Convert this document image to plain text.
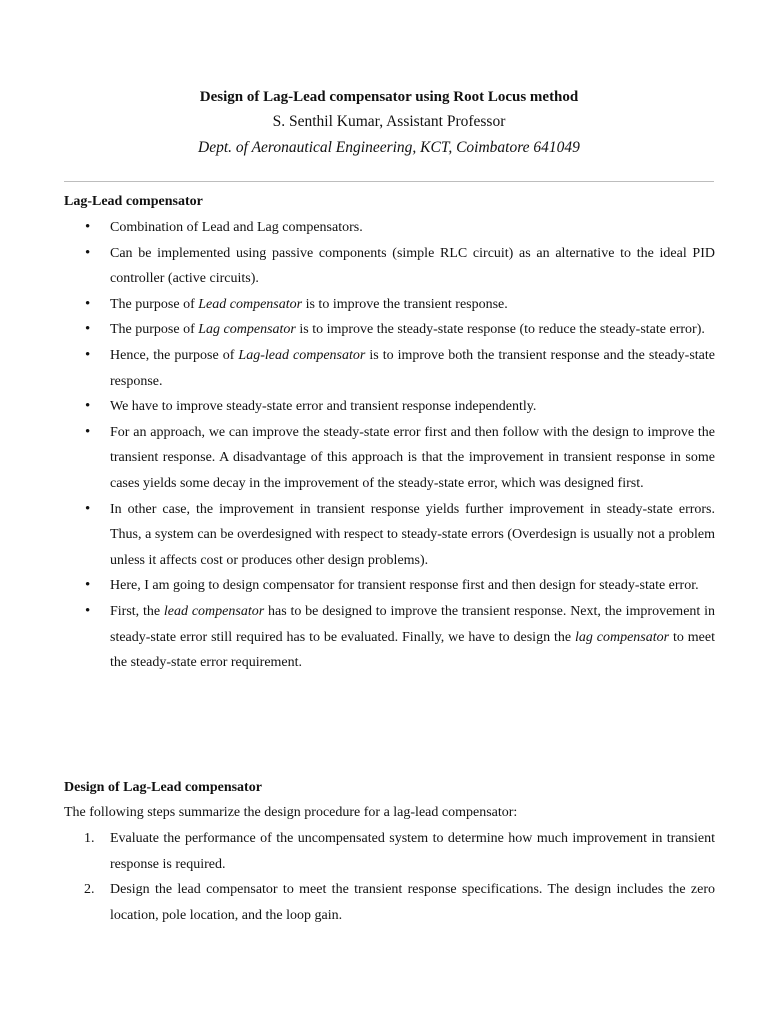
Design of Lag-Lead compensator using Root Locus method
S. Senthil Kumar, Assistant Professor
Dept. of Aeronautical Engineering, KCT, Coimbatore 641049
Lag-Lead compensator
• Combination of Lead and Lag compensators.
• Can be implemented using passive components (simple RLC circuit) as an alternative to the ideal PID controller (active circuits).
• The purpose of Lead compensator is to improve the transient response.
• The purpose of Lag compensator is to improve the steady-state response (to reduce the steady-state error).
• Hence, the purpose of Lag-lead compensator is to improve both the transient response and the steady-state response.
• We have to improve steady-state error and transient response independently.
• For an approach, we can improve the steady-state error first and then follow with the design to improve the transient response. A disadvantage of this approach is that the improvement in transient response in some cases yields some decay in the improvement of the steady-state error, which was designed first.
• In other case, the improvement in transient response yields further improvement in steady-state errors. Thus, a system can be overdesigned with respect to steady-state errors (Overdesign is usually not a problem unless it affects cost or produces other design problems).
• Here, I am going to design compensator for transient response first and then design for steady-state error.
• First, the lead compensator has to be designed to improve the transient response. Next, the improvement in steady-state error still required has to be evaluated. Finally, we have to design the lag compensator to meet the steady-state error requirement.
Design of Lag-Lead compensator
The following steps summarize the design procedure for a lag-lead compensator:
1. Evaluate the performance of the uncompensated system to determine how much improvement in transient response is required.
2. Design the lead compensator to meet the transient response specifications. The design includes the zero location, pole location, and the loop gain.
